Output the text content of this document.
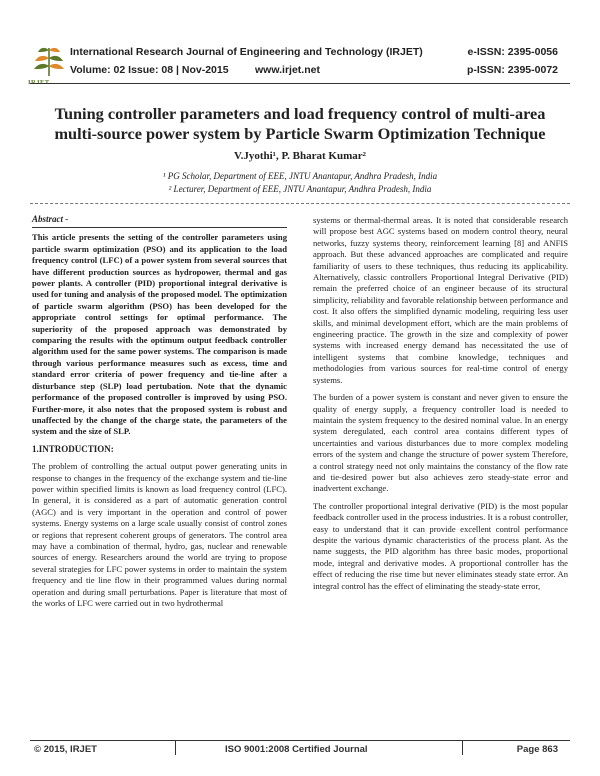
IRJET
International Research Journal of Engineering and Technology (IRJET)	e-ISSN: 2395-0056
Volume: 02 Issue: 08 | Nov-2015	www.irjet.net	p-ISSN: 2395-0072
Tuning controller parameters and load frequency control of multi-area
multi-source power system by Particle Swarm Optimization Technique
V.Jyothi¹, P. Bharat Kumar²
¹ PG Scholar, Department of EEE, JNTU Anantapur, Andhra Pradesh, India
² Lecturer, Department of EEE, JNTU Anantapur, Andhra Pradesh, India
Abstract -

This article presents the setting of the controller parameters using particle swarm optimization (PSO) and its application to the load frequency control (LFC) of a power system from several sources that have different production sources as hydropower, thermal and gas power plants. A controller (PID) proportional integral derivative is used for tuning and analysis of the proposed model. The optimization of particle swarm algorithm (PSO) has been developed for the appropriate control settings for optimal performance. The superiority of the proposed approach was demonstrated by comparing the results with the optimum output feedback controller algorithm used for the same power systems. The comparison is made through various performance measures such as excess, time and standard error criteria of power frequency and tie-line after a disturbance step (SLP) load pertubation. Note that the dynamic performance of the proposed controller is improved by using PSO. Further-more, it also notes that the proposed system is robust and unaffected by the change of the charge state, the parameters of the system and the size of SLP.

1.INTRODUCTION:

The problem of controlling the actual output power generating units in response to changes in the frequency of the exchange system and tie-line power within specified limits is known as load frequency control (LFC). In general, it is considered as a part of automatic generation control (AGC) and is very important in the operation and control of power systems. Energy systems on a large scale usually consist of control zones or regions that represent coherent groups of generators. The control area may have a combination of thermal, hydro, gas, nuclear and renewable sources of energy. Researchers around the world are trying to propose several strategies for LFC power systems in order to maintain the system frequency and tie line flow in their programmed values during normal operation and during small perturbations. Paper is literature that most of the works of LFC were carried out in two hydrothermal

systems or thermal-thermal areas. It is noted that considerable research will propose best AGC systems based on modern control theory, neural networks, fuzzy systems theory, reinforcement learning [8] and ANFIS approach. But these advanced approaches are complicated and require familiarity of users to these techniques, thus reducing its applicability. Alternatively, classic controllers Proportional Integral Derivative (PID) remain the preferred choice of an engineer because of its structural simplicity, reliability and favorable relationship between performance and cost. It also offers the simplified dynamic modeling, requiring less user skills, and minimal development effort, which are the main problems of engineering practice. The growth in the size and complexity of power systems with increased energy demand has necessitated the use of intelligent systems that combine knowledge, techniques and methodologies from various sources for real-time control of energy systems.

The burden of a power system is constant and never given to ensure the quality of energy supply, a frequency controller load is needed to maintain the system frequency to the desired nominal value. In an energy system deregulated, each control area contains different types of uncertainties and various disturbances due to more complex modeling errors of the system and change the structure of power system Therefore, a control strategy need not only maintains the constancy of the flow rate and tie-desired power but also achieves zero steady-state error and inadvertent exchange.

The controller proportional integral derivative (PID) is the most popular feedback controller used in the process industries. It is a robust controller, easy to understand that it can provide excellent control performance despite the various dynamic characteristics of the process plant. As the name suggests, the PID algorithm has three basic modes, proportional mode, integral and derivative modes. A proportional controller has the effect of reducing the rise time but never eliminates steady state error. An integral control has the effect of eliminating the steady-state error,

© 2015, IRJET	ISO 9001:2008 Certified Journal	Page 863
